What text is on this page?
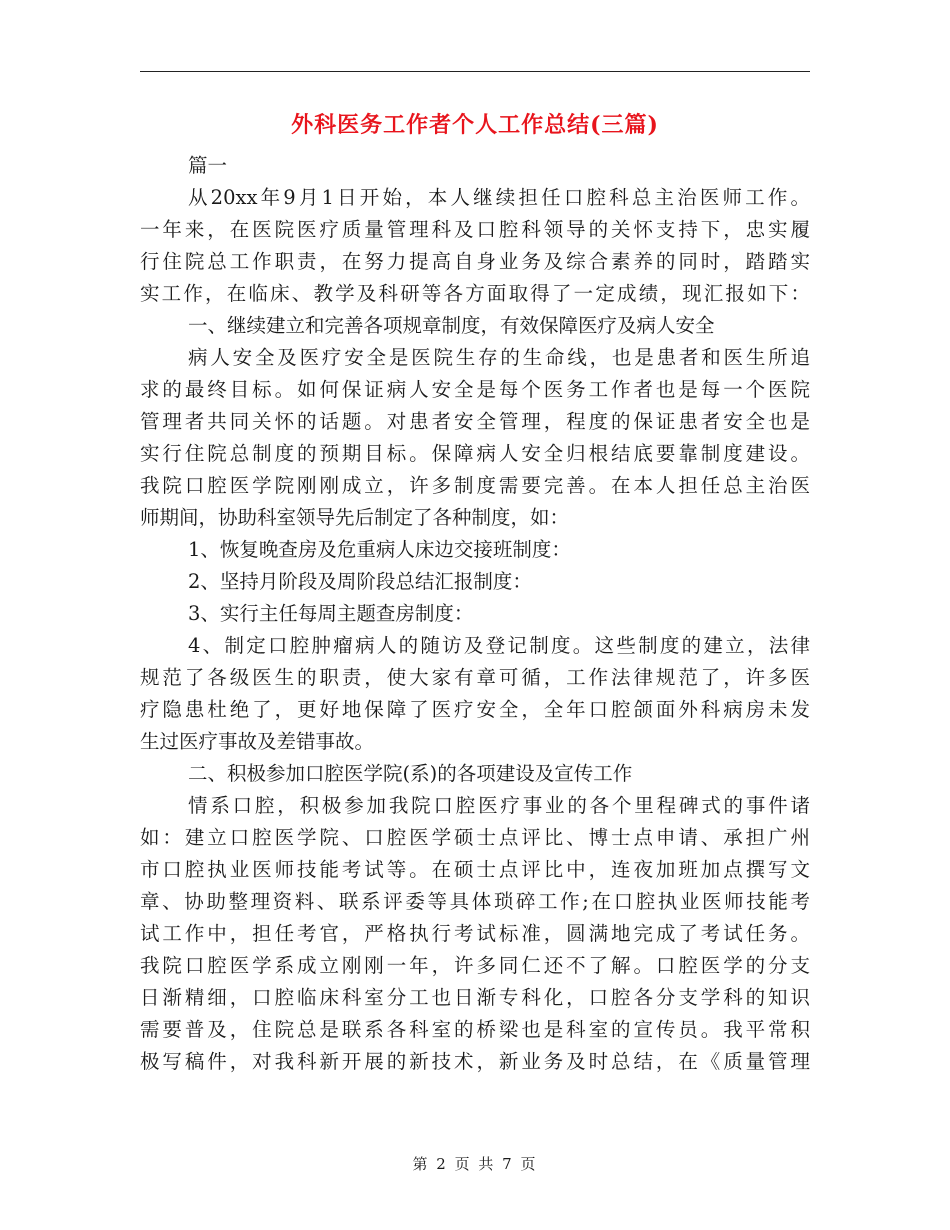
外科医务工作者个人工作总结(三篇)

篇一

从20xx年9月1日开始，本人继续担任口腔科总主治医师工作。

一年来，在医院医疗质量管理科及口腔科领导的关怀支持下，忠实履

行住院总工作职责，在努力提高自身业务及综合素养的同时，踏踏实

实工作，在临床、教学及科研等各方面取得了一定成绩，现汇报如下：

一、继续建立和完善各项规章制度，有效保障医疗及病人安全

病人安全及医疗安全是医院生存的生命线，也是患者和医生所追

求的最终目标。如何保证病人安全是每个医务工作者也是每一个医院

管理者共同关怀的话题。对患者安全管理，程度的保证患者安全也是

实行住院总制度的预期目标。保障病人安全归根结底要靠制度建设。

我院口腔医学院刚刚成立，许多制度需要完善。在本人担任总主治医

师期间，协助科室领导先后制定了各种制度，如：

1、恢复晚查房及危重病人床边交接班制度：

2、坚持月阶段及周阶段总结汇报制度：

3、实行主任每周主题查房制度：

4、制定口腔肿瘤病人的随访及登记制度。这些制度的建立，法律

规范了各级医生的职责，使大家有章可循，工作法律规范了，许多医

疗隐患杜绝了，更好地保障了医疗安全，全年口腔颌面外科病房未发

生过医疗事故及差错事故。

二、积极参加口腔医学院(系)的各项建设及宣传工作

情系口腔，积极参加我院口腔医疗事业的各个里程碑式的事件诸

如：建立口腔医学院、口腔医学硕士点评比、博士点申请、承担广州

市口腔执业医师技能考试等。在硕士点评比中，连夜加班加点撰写文

章、协助整理资料、联系评委等具体琐碎工作;在口腔执业医师技能考

试工作中，担任考官，严格执行考试标准，圆满地完成了考试任务。

我院口腔医学系成立刚刚一年，许多同仁还不了解。口腔医学的分支

日渐精细，口腔临床科室分工也日渐专科化，口腔各分支学科的知识

需要普及，住院总是联系各科室的桥梁也是科室的宣传员。我平常积

极写稿件，对我科新开展的新技术，新业务及时总结，在《质量管理

第 2 页 共 7 页
